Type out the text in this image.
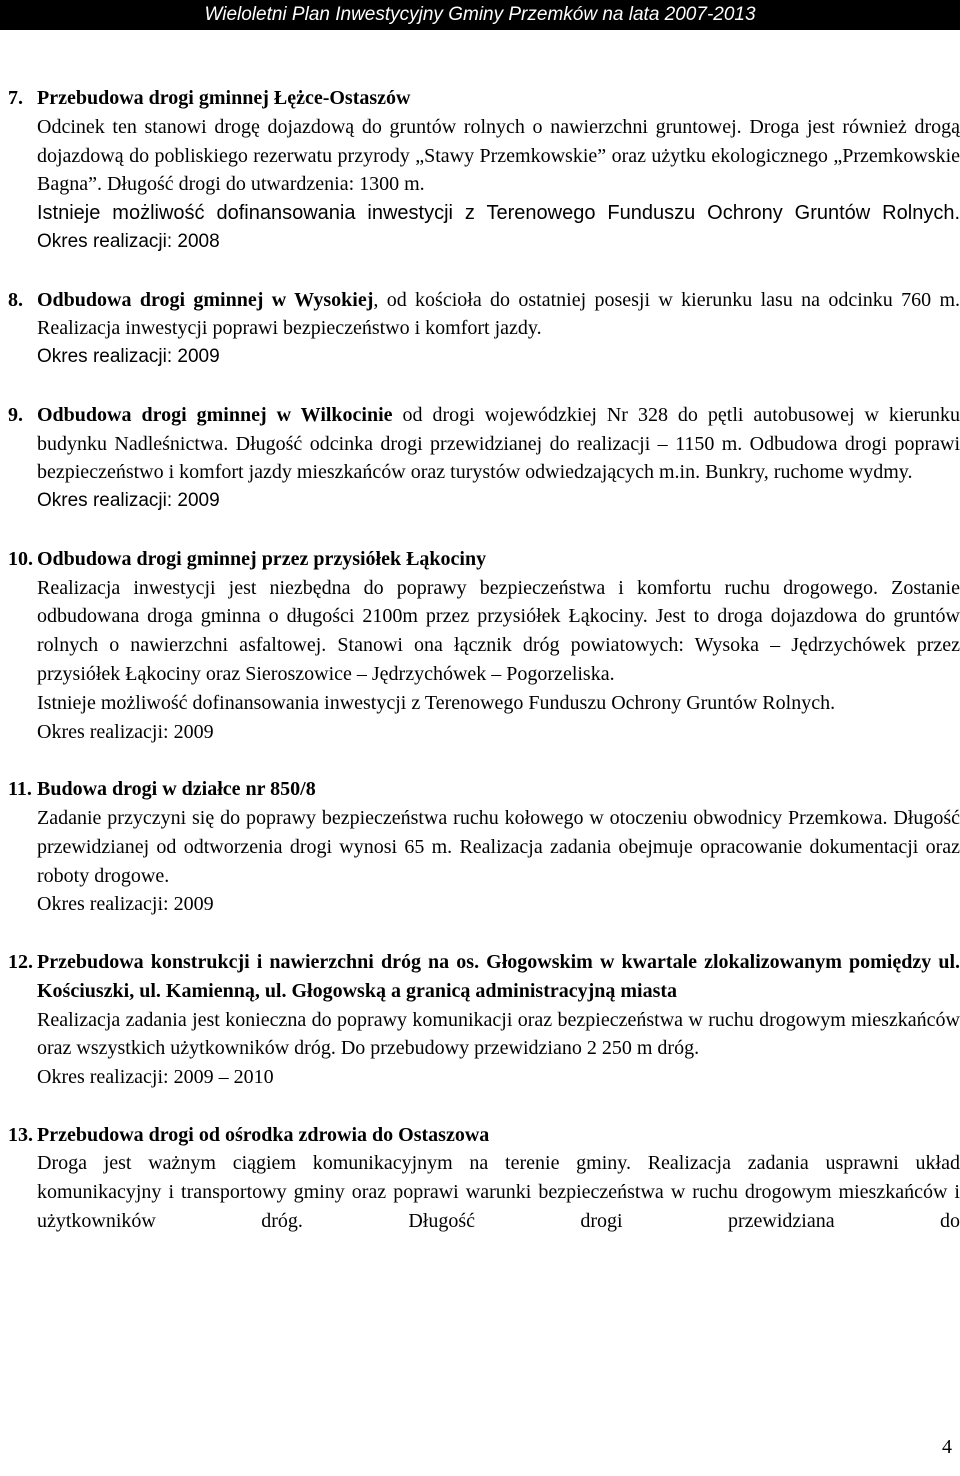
Wieloletni Plan Inwestycyjny Gminy Przemków na lata 2007-2013
7. Przebudowa drogi gminnej Łężce-Ostaszów
Odcinek ten stanowi drogę dojazdową do gruntów rolnych o nawierzchni gruntowej. Droga jest również drogą dojazdową do pobliskiego rezerwatu przyrody „Stawy Przemkowskie” oraz użytku ekologicznego „Przemkowskie Bagna”. Długość drogi do utwardzenia: 1300 m.
Istnieje możliwość dofinansowania inwestycji z Terenowego Funduszu Ochrony Gruntów Rolnych.
Okres realizacji: 2008
8. Odbudowa drogi gminnej w Wysokiej, od kościoła do ostatniej posesji w kierunku lasu na odcinku 760 m. Realizacja inwestycji poprawi bezpieczeństwo i komfort jazdy.
Okres realizacji: 2009
9. Odbudowa drogi gminnej w Wilkocinie od drogi wojewódzkiej Nr 328 do pętli autobusowej w kierunku budynku Nadleśnictwa. Długość odcinka drogi przewidzianej do realizacji – 1150 m. Odbudowa drogi poprawi bezpieczeństwo i komfort jazdy mieszkańców oraz turystów odwiedzających m.in. Bunkry, ruchome wydmy.
Okres realizacji: 2009
10. Odbudowa drogi gminnej przez przysiółek Łąkociny
Realizacja inwestycji jest niezbędna do poprawy bezpieczeństwa i komfortu ruchu drogowego. Zostanie odbudowana droga gminna o długości 2100m przez przysiółek Łąkociny. Jest to droga dojazdowa do gruntów rolnych o nawierzchni asfaltowej. Stanowi ona łącznik dróg powiatowych: Wysoka – Jędrzychówek przez przysiółek Łąkociny oraz Sieroszowice – Jędrzychówek – Pogorzeliska.
Istnieje możliwość dofinansowania inwestycji z Terenowego Funduszu Ochrony Gruntów Rolnych.
Okres realizacji: 2009
11. Budowa drogi w działce nr 850/8
Zadanie przyczyni się do poprawy bezpieczeństwa ruchu kołowego w otoczeniu obwodnicy Przemkowa. Długość przewidzianej od odtworzenia drogi wynosi 65 m. Realizacja zadania obejmuje opracowanie dokumentacji oraz roboty drogowe.
Okres realizacji: 2009
12. Przebudowa konstrukcji i nawierzchni dróg na os. Głogowskim w kwartale zlokalizowanym pomiędzy ul. Kościuszki, ul. Kamienną, ul. Głogowską a granicą administracyjną miasta
Realizacja zadania jest konieczna do poprawy komunikacji oraz bezpieczeństwa w ruchu drogowym mieszkańców oraz wszystkich użytkowników dróg. Do przebudowy przewidziano 2 250 m dróg.
Okres realizacji: 2009 – 2010
13. Przebudowa drogi od ośrodka zdrowia do Ostaszowa
Droga jest ważnym ciągiem komunikacyjnym na terenie gminy. Realizacja zadania usprawni układ komunikacyjny i transportowy gminy oraz poprawi warunki bezpieczeństwa w ruchu drogowym mieszkańców i użytkowników dróg. Długość drogi przewidziana do
4
